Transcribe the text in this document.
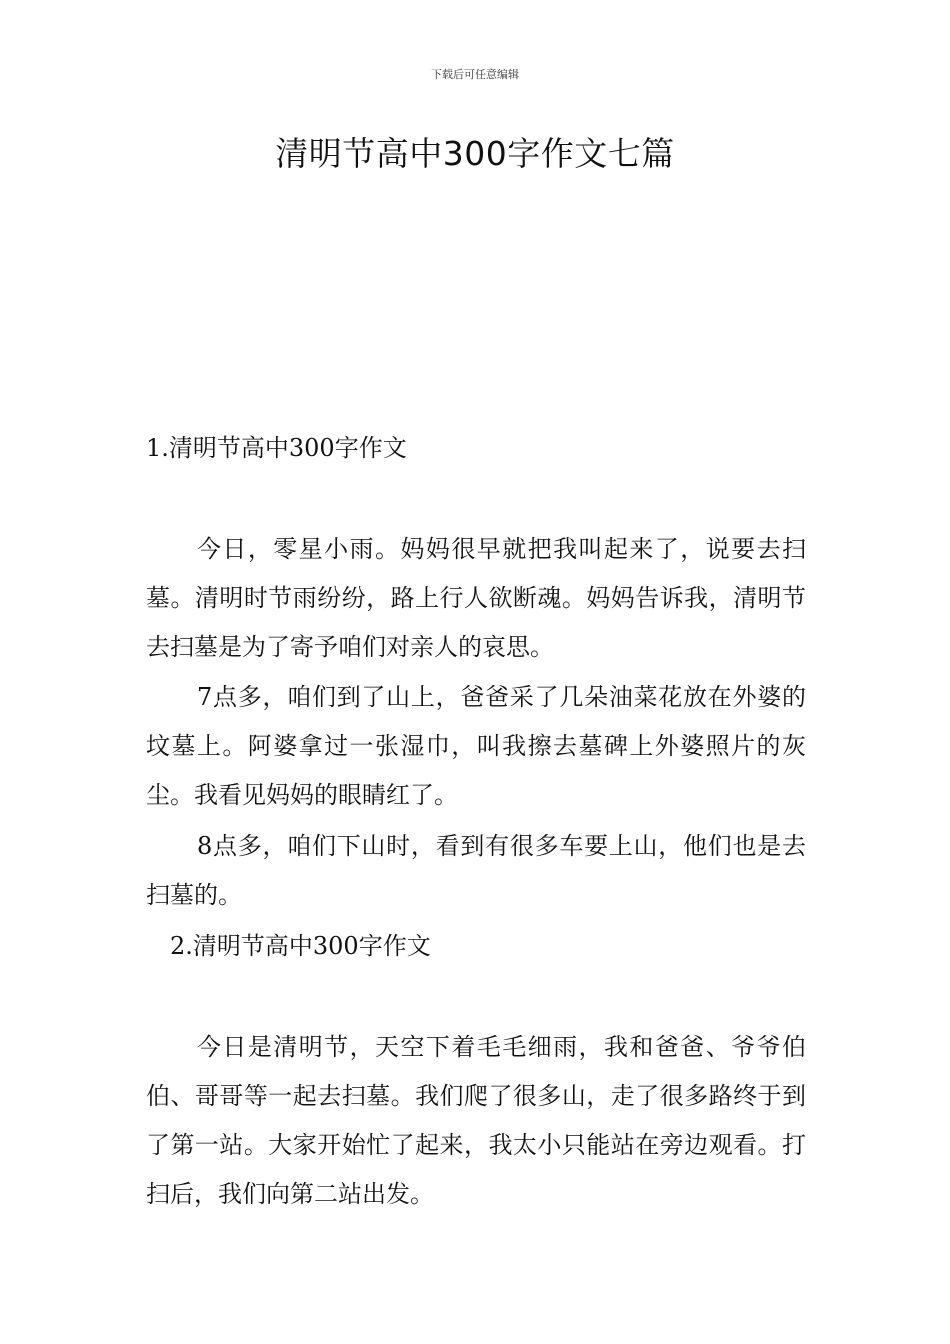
下载后可任意编辑
清明节高中300字作文七篇
1.清明节高中300字作文

今日，零星小雨。妈妈很早就把我叫起来了，说要去扫墓。清明时节雨纷纷，路上行人欲断魂。妈妈告诉我，清明节去扫墓是为了寄予咱们对亲人的哀思。

7点多，咱们到了山上，爸爸采了几朵油菜花放在外婆的坟墓上。阿婆拿过一张湿巾，叫我擦去墓碑上外婆照片的灰尘。我看见妈妈的眼睛红了。

8点多，咱们下山时，看到有很多车要上山，他们也是去扫墓的。

2.清明节高中300字作文

今日是清明节，天空下着毛毛细雨，我和爸爸、爷爷伯伯、哥哥等一起去扫墓。我们爬了很多山，走了很多路终于到了第一站。大家开始忙了起来，我太小只能站在旁边观看。打扫后，我们向第二站出发。
